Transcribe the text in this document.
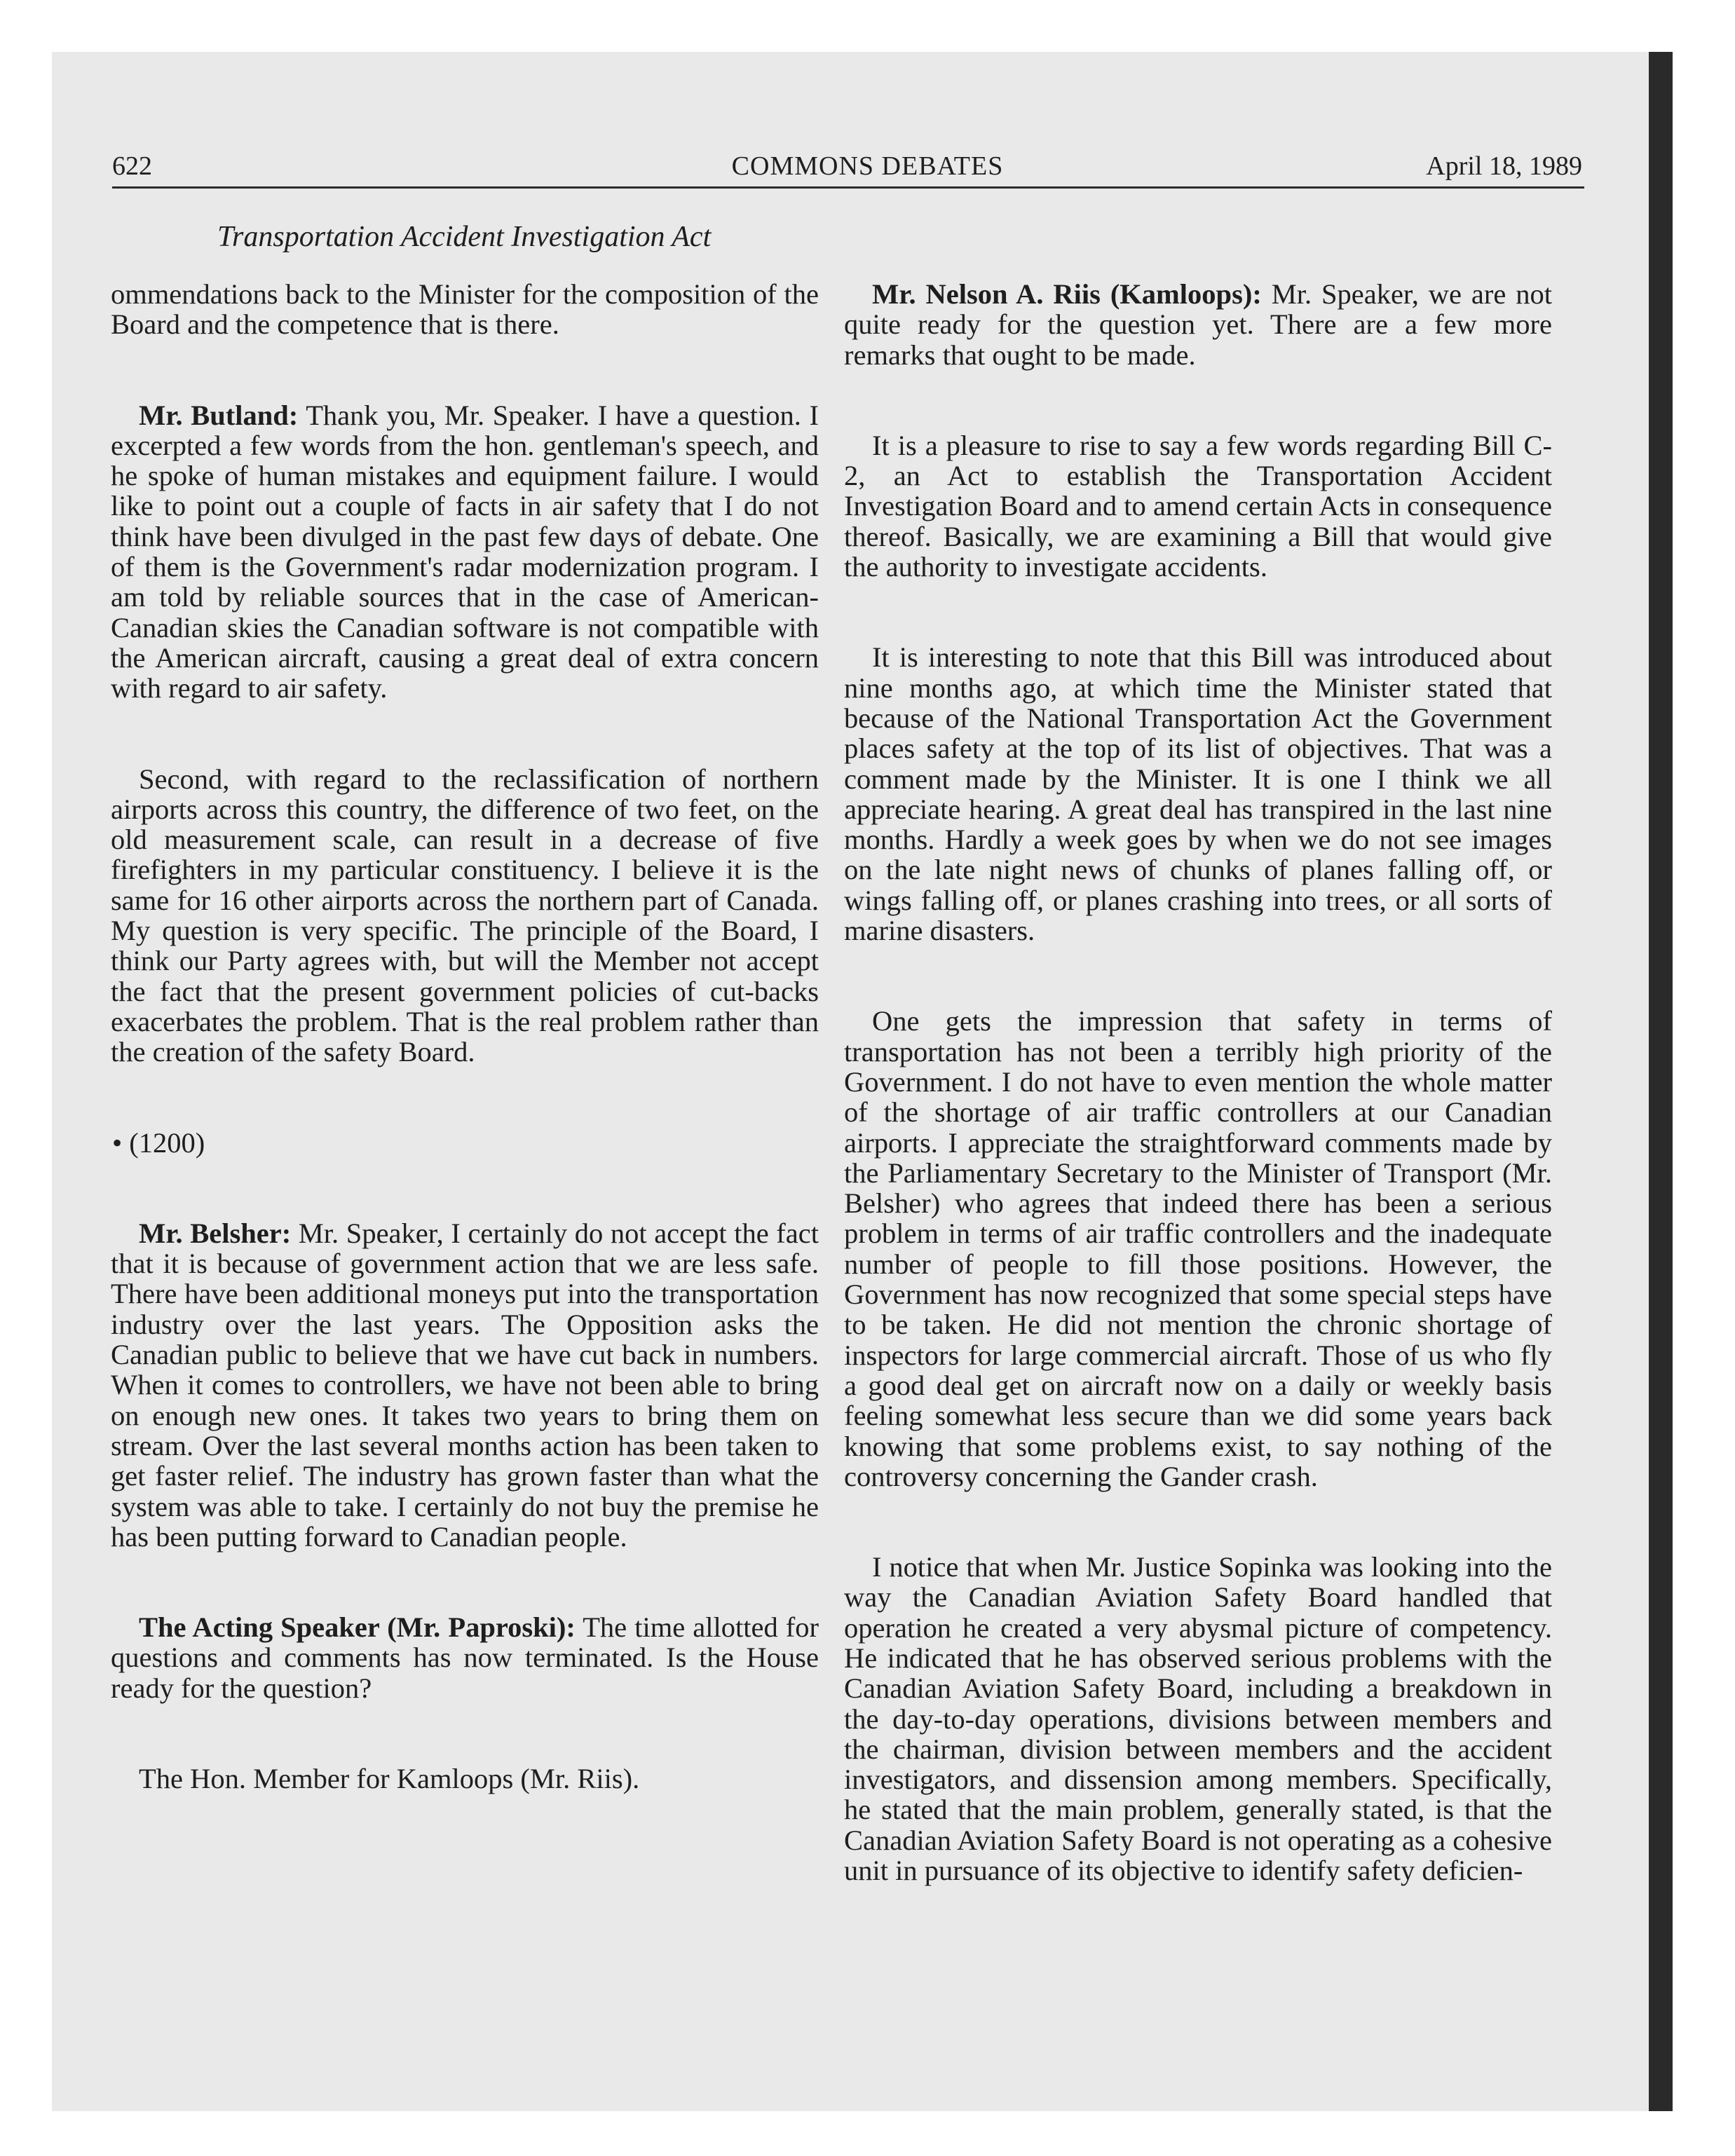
622	COMMONS DEBATES	April 18, 1989
Transportation Accident Investigation Act

ommendations back to the Minister for the composition of the Board and the competence that is there.

Mr. Butland: Thank you, Mr. Speaker. I have a question. I excerpted a few words from the hon. gentleman's speech, and he spoke of human mistakes and equipment failure. I would like to point out a couple of facts in air safety that I do not think have been divulged in the past few days of debate. One of them is the Government's radar modernization program. I am told by reliable sources that in the case of American-Canadian skies the Canadian software is not compatible with the American aircraft, causing a great deal of extra concern with regard to air safety.

Second, with regard to the reclassification of northern airports across this country, the difference of two feet, on the old measurement scale, can result in a decrease of five firefighters in my particular constituency. I believe it is the same for 16 other airports across the northern part of Canada. My question is very specific. The principle of the Board, I think our Party agrees with, but will the Member not accept the fact that the present government policies of cut-backs exacerbates the problem. That is the real problem rather than the creation of the safety Board.

• (1200)

Mr. Belsher: Mr. Speaker, I certainly do not accept the fact that it is because of government action that we are less safe. There have been additional moneys put into the transportation industry over the last years. The Opposition asks the Canadian public to believe that we have cut back in numbers. When it comes to controllers, we have not been able to bring on enough new ones. It takes two years to bring them on stream. Over the last several months action has been taken to get faster relief. The industry has grown faster than what the system was able to take. I certainly do not buy the premise he has been putting forward to Canadian people.

The Acting Speaker (Mr. Paproski): The time allotted for questions and comments has now terminated. Is the House ready for the question?

The Hon. Member for Kamloops (Mr. Riis).

Mr. Nelson A. Riis (Kamloops): Mr. Speaker, we are not quite ready for the question yet. There are a few more remarks that ought to be made.

It is a pleasure to rise to say a few words regarding Bill C-2, an Act to establish the Transportation Accident Investigation Board and to amend certain Acts in consequence thereof. Basically, we are examining a Bill that would give the authority to investigate accidents.

It is interesting to note that this Bill was introduced about nine months ago, at which time the Minister stated that because of the National Transportation Act the Government places safety at the top of its list of objectives. That was a comment made by the Minister. It is one I think we all appreciate hearing. A great deal has transpired in the last nine months. Hardly a week goes by when we do not see images on the late night news of chunks of planes falling off, or wings falling off, or planes crashing into trees, or all sorts of marine disasters.

One gets the impression that safety in terms of transportation has not been a terribly high priority of the Government. I do not have to even mention the whole matter of the shortage of air traffic controllers at our Canadian airports. I appreciate the straightforward comments made by the Parliamentary Secretary to the Minister of Transport (Mr. Belsher) who agrees that indeed there has been a serious problem in terms of air traffic controllers and the inadequate number of people to fill those positions. However, the Government has now recognized that some special steps have to be taken. He did not mention the chronic shortage of inspectors for large commercial aircraft. Those of us who fly a good deal get on aircraft now on a daily or weekly basis feeling somewhat less secure than we did some years back knowing that some problems exist, to say nothing of the controversy concerning the Gander crash.

I notice that when Mr. Justice Sopinka was looking into the way the Canadian Aviation Safety Board handled that operation he created a very abysmal picture of competency. He indicated that he has observed serious problems with the Canadian Aviation Safety Board, including a breakdown in the day-to-day operations, divisions between members and the chairman, division between members and the accident investigators, and dissension among members. Specifically, he stated that the main problem, generally stated, is that the Canadian Aviation Safety Board is not operating as a cohesive unit in pursuance of its objective to identify safety deficien-
